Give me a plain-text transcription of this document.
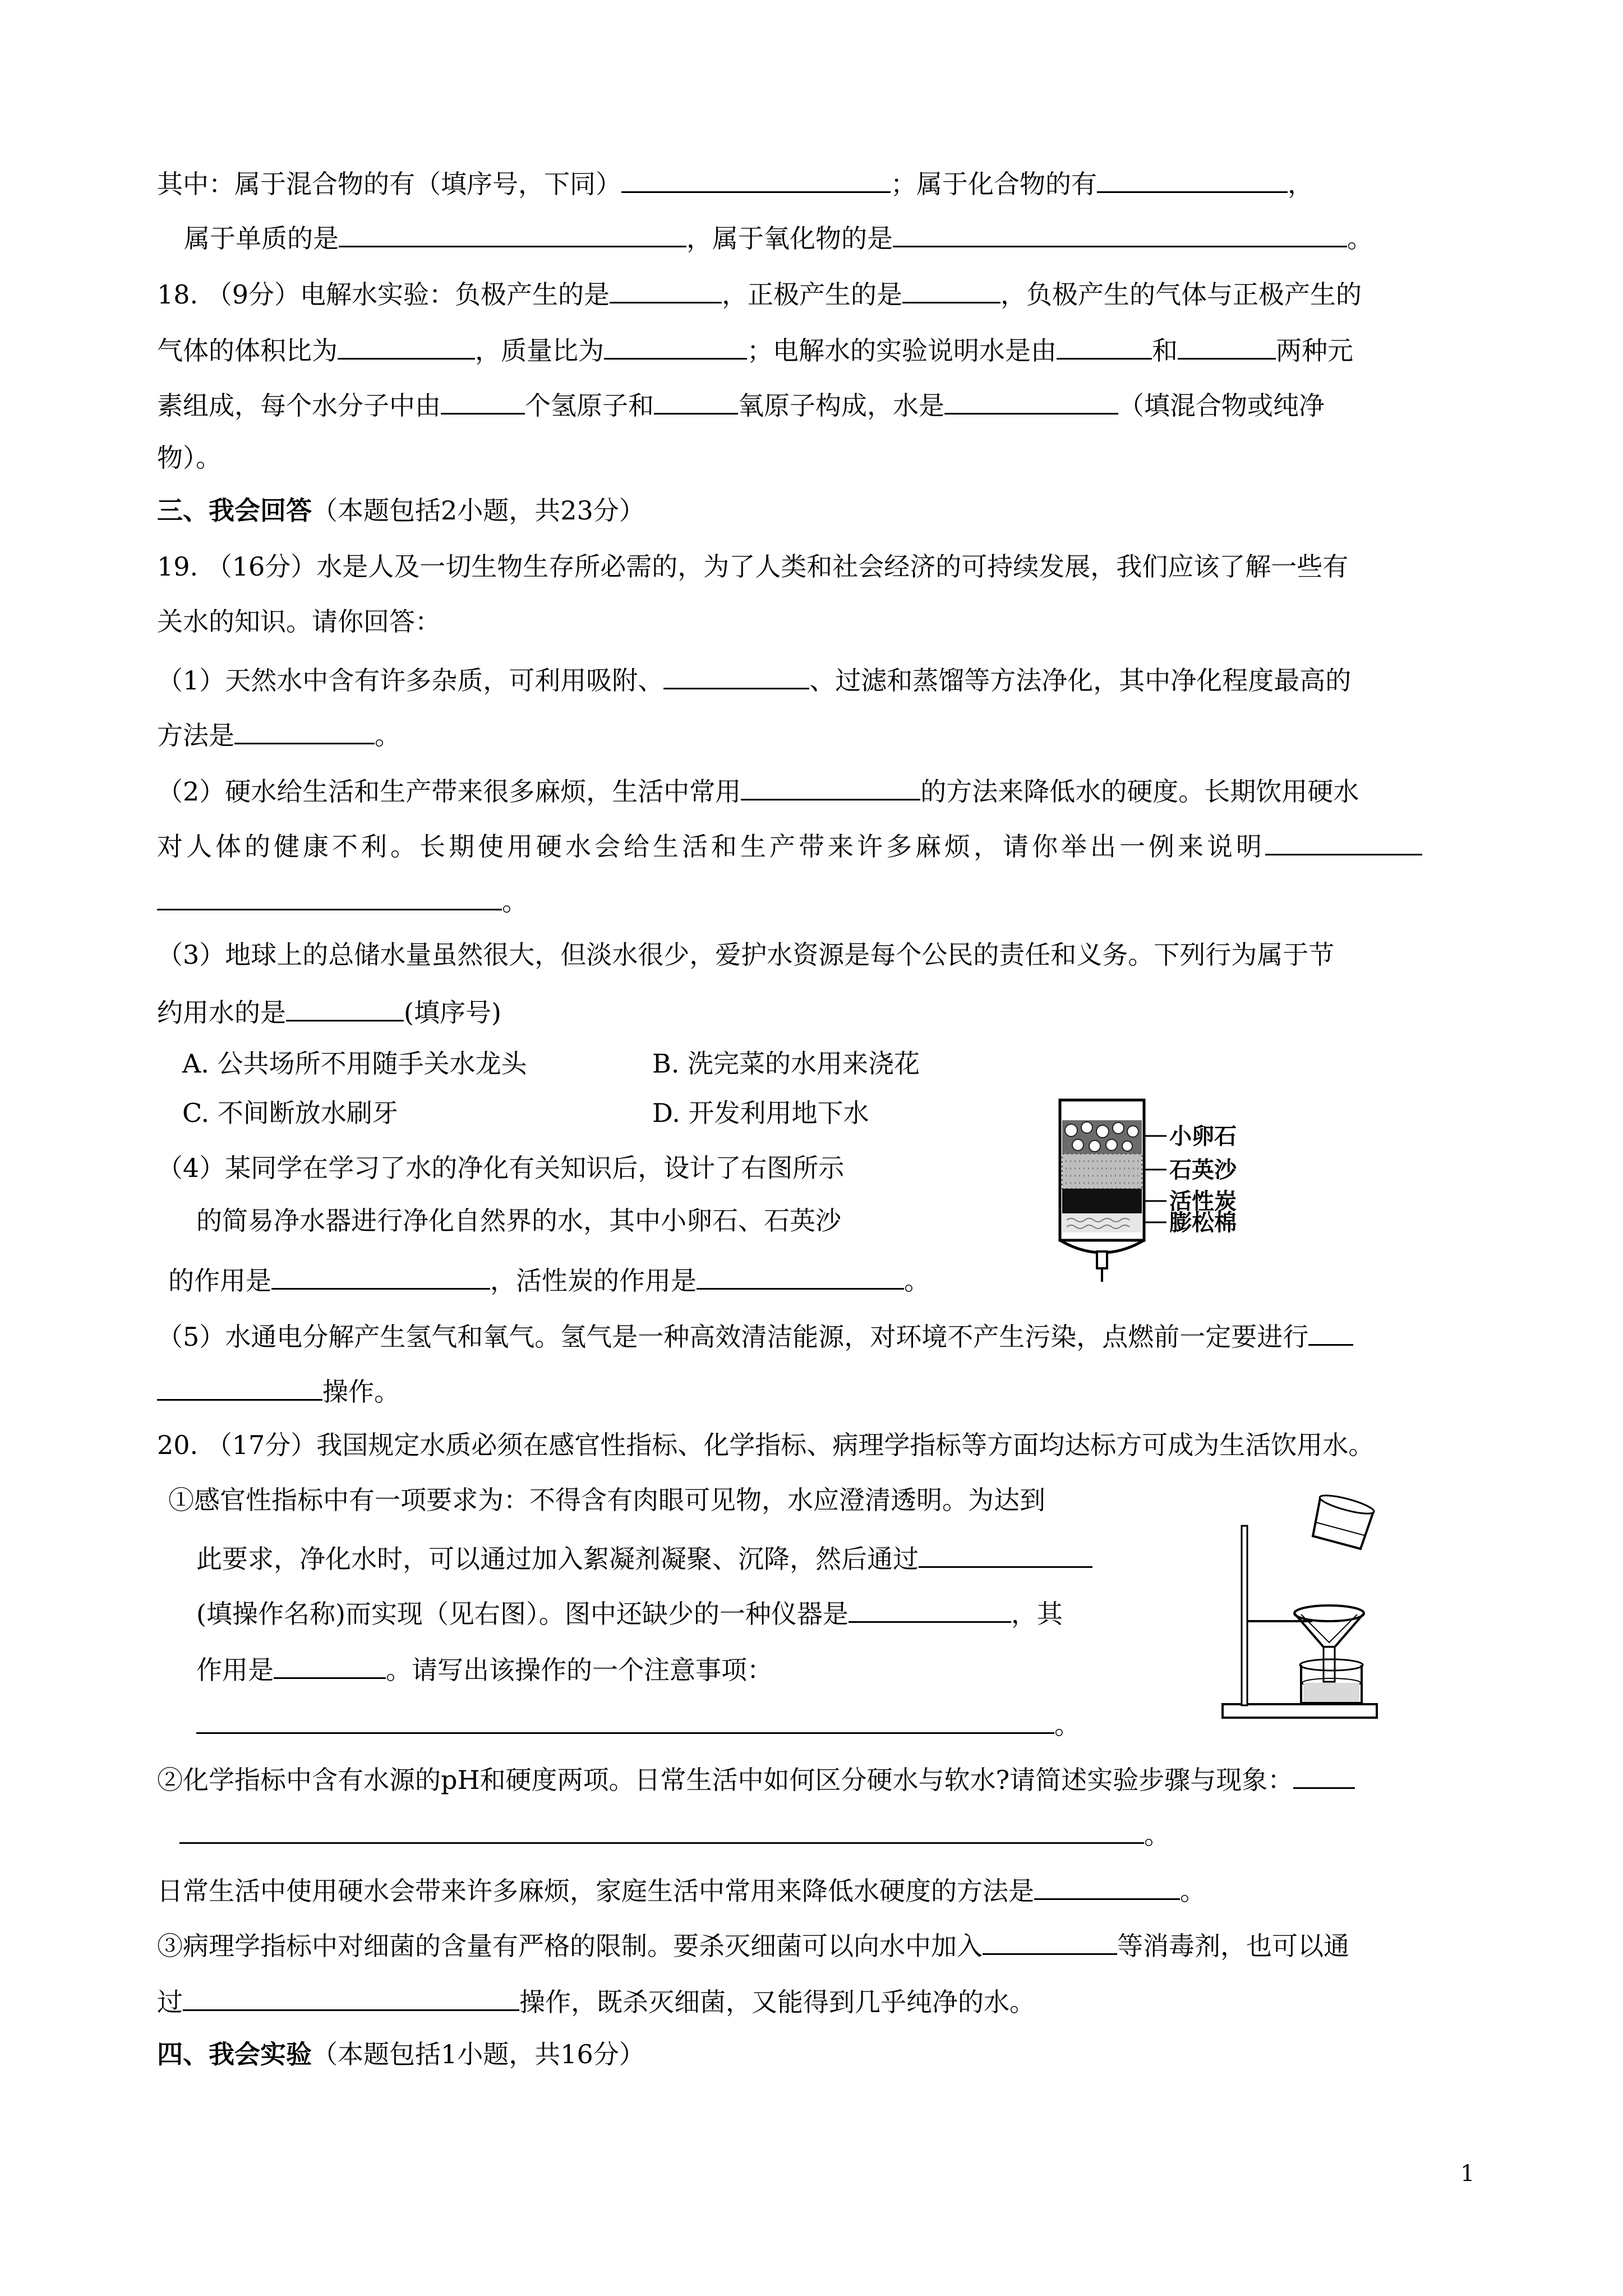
其中：属于混合物的有（填序号，下同）	；属于化合物的有	，
属于单质的是	，属于氧化物的是	。
18. （9分）电解水实验：负极产生的是	，正极产生的是	，负极产生的气体与正极产生的
气体的体积比为	，质量比为	；电解水的实验说明水是由	和	两种元
素组成，每个水分子中由	个氢原子和	氧原子构成，水是	（填混合物或纯净
物）。
三、我会回答（本题包括2小题，共23分）
19. （16分）水是人及一切生物生存所必需的，为了人类和社会经济的可持续发展，我们应该了解一些有
关水的知识。请你回答：
（1）天然水中含有许多杂质，可利用吸附、	、过滤和蒸馏等方法净化，其中净化程度最高的
方法是	。
（2）硬水给生活和生产带来很多麻烦，生活中常用	的方法来降低水的硬度。长期饮用硬水
对人体的健康不利。长期使用硬水会给生活和生产带来许多麻烦，请你举出一例来说明
。
（3）地球上的总储水量虽然很大，但淡水很少，爱护水资源是每个公民的责任和义务。下列行为属于节
约用水的是	(填序号)
A. 公共场所不用随手关水龙头	B. 洗完菜的水用来浇花
C. 不间断放水刷牙	D. 开发利用地下水
（4）某同学在学习了水的净化有关知识后，设计了右图所示
的简易净水器进行净化自然界的水，其中小卵石、石英沙
的作用是	，活性炭的作用是	。
小卵石
石英沙
活性炭
膨松棉
（5）水通电分解产生氢气和氧气。氢气是一种高效清洁能源，对环境不产生污染，点燃前一定要进行
操作。
20. （17分）我国规定水质必须在感官性指标、化学指标、病理学指标等方面均达标方可成为生活饮用水。
①感官性指标中有一项要求为：不得含有肉眼可见物，水应澄清透明。为达到
此要求，净化水时，可以通过加入絮凝剂凝聚、沉降，然后通过
(填操作名称)而实现（见右图）。图中还缺少的一种仪器是	，其
作用是	。请写出该操作的一个注意事项：
。
②化学指标中含有水源的pH和硬度两项。日常生活中如何区分硬水与软水?请简述实验步骤与现象：
。
日常生活中使用硬水会带来许多麻烦，家庭生活中常用来降低水硬度的方法是	。
③病理学指标中对细菌的含量有严格的限制。要杀灭细菌可以向水中加入	等消毒剂，也可以通
过	操作，既杀灭细菌，又能得到几乎纯净的水。
四、我会实验（本题包括1小题，共16分）
1
